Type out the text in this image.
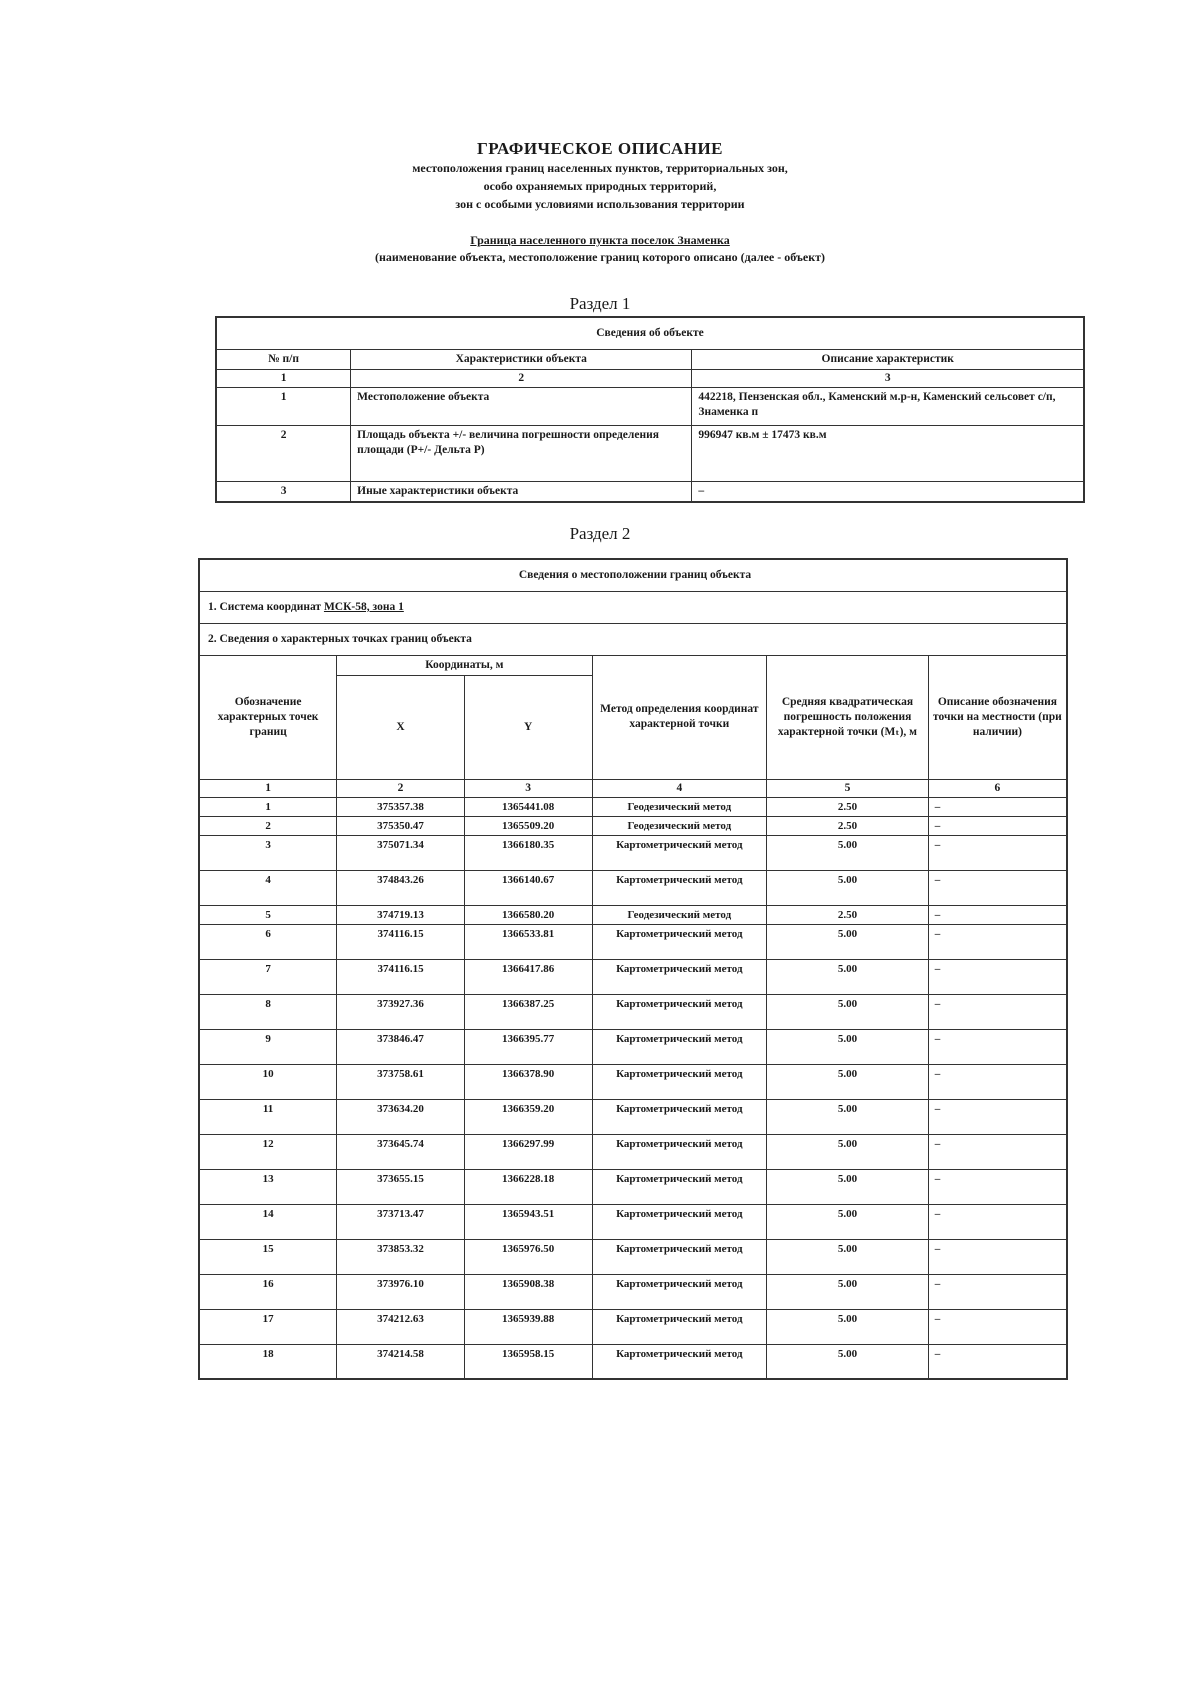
ГРАФИЧЕСКОЕ ОПИСАНИЕ
местоположения границ населенных пунктов, территориальных зон,
особо охраняемых природных территорий,
зон с особыми условиями использования территории
Граница населенного пункта поселок Знаменка
(наименование объекта, местоположение границ которого описано (далее - объект)
Раздел 1
Сведения об объекте		
№ п/п	Характеристики объекта	Описание характеристик
1	2	3
1	Местоположение объекта	442218, Пензенская обл., Каменский м.р-н, Каменский сельсовет с/п, Знаменка п
2	Площадь объекта +/- величина погрешности определения площади (Р+/- Дельта Р)	996947 кв.м ± 17473 кв.м
3	Иные характеристики объекта	–
Раздел 2
Сведения о местоположении границ объекта					
1. Система координат МСК-58, зона 1					
2. Сведения о характерных точках границ объекта					
Обозначение характерных точек границ	Координаты, м		Метод определения координат характерной точки	Средняя квадратическая погрешность положения характерной точки (Mₜ), м	Описание обозначения точки на местности (при наличии)
	X	Y			
1	2	3	4	5	6
1	375357.38	1365441.08	Геодезический метод	2.50	–
2	375350.47	1365509.20	Геодезический метод	2.50	–
3	375071.34	1366180.35	Картометрический метод	5.00	–
4	374843.26	1366140.67	Картометрический метод	5.00	–
5	374719.13	1366580.20	Геодезический метод	2.50	–
6	374116.15	1366533.81	Картометрический метод	5.00	–
7	374116.15	1366417.86	Картометрический метод	5.00	–
8	373927.36	1366387.25	Картометрический метод	5.00	–
9	373846.47	1366395.77	Картометрический метод	5.00	–
10	373758.61	1366378.90	Картометрический метод	5.00	–
11	373634.20	1366359.20	Картометрический метод	5.00	–
12	373645.74	1366297.99	Картометрический метод	5.00	–
13	373655.15	1366228.18	Картометрический метод	5.00	–
14	373713.47	1365943.51	Картометрический метод	5.00	–
15	373853.32	1365976.50	Картометрический метод	5.00	–
16	373976.10	1365908.38	Картометрический метод	5.00	–
17	374212.63	1365939.88	Картометрический метод	5.00	–
18	374214.58	1365958.15	Картометрический метод	5.00	–
